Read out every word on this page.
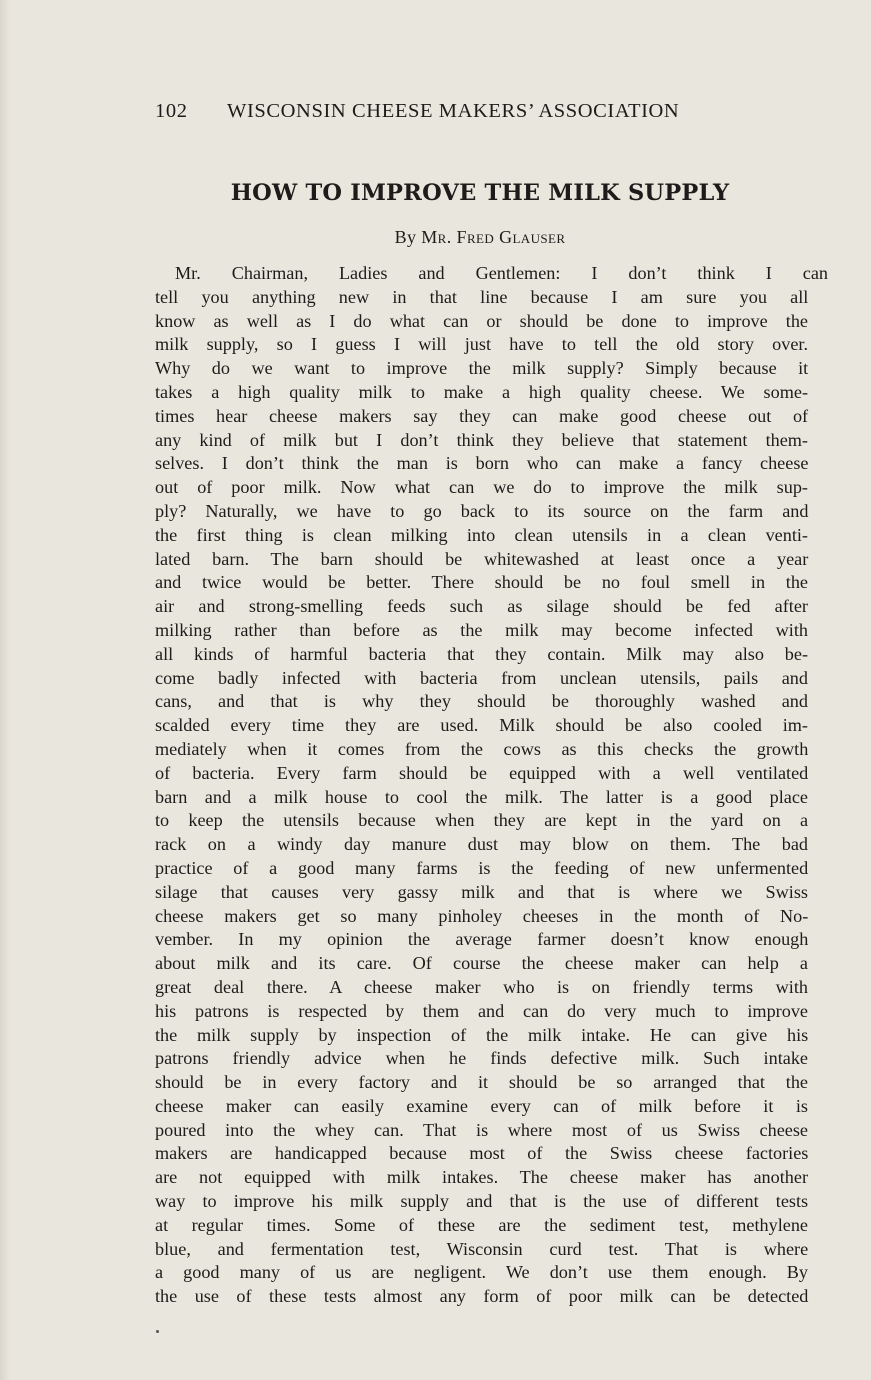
102	WISCONSIN CHEESE MAKERS’ ASSOCIATION
HOW TO IMPROVE THE MILK SUPPLY
By Mr. Fred Glauser
Mr. Chairman, Ladies and Gentlemen: I don’t think I can
tell you anything new in that line because I am sure you all
know as well as I do what can or should be done to improve the
milk supply, so I guess I will just have to tell the old story over.
Why do we want to improve the milk supply? Simply because it
takes a high quality milk to make a high quality cheese. We some-
times hear cheese makers say they can make good cheese out of
any kind of milk but I don’t think they believe that statement them-
selves. I don’t think the man is born who can make a fancy cheese
out of poor milk. Now what can we do to improve the milk sup-
ply? Naturally, we have to go back to its source on the farm and
the first thing is clean milking into clean utensils in a clean venti-
lated barn. The barn should be whitewashed at least once a year
and twice would be better. There should be no foul smell in the
air and strong-smelling feeds such as silage should be fed after
milking rather than before as the milk may become infected with
all kinds of harmful bacteria that they contain. Milk may also be-
come badly infected with bacteria from unclean utensils, pails and
cans, and that is why they should be thoroughly washed and
scalded every time they are used. Milk should be also cooled im-
mediately when it comes from the cows as this checks the growth
of bacteria. Every farm should be equipped with a well ventilated
barn and a milk house to cool the milk. The latter is a good place
to keep the utensils because when they are kept in the yard on a
rack on a windy day manure dust may blow on them. The bad
practice of a good many farms is the feeding of new unfermented
silage that causes very gassy milk and that is where we Swiss
cheese makers get so many pinholey cheeses in the month of No-
vember. In my opinion the average farmer doesn’t know enough
about milk and its care. Of course the cheese maker can help a
great deal there. A cheese maker who is on friendly terms with
his patrons is respected by them and can do very much to improve
the milk supply by inspection of the milk intake. He can give his
patrons friendly advice when he finds defective milk. Such intake
should be in every factory and it should be so arranged that the
cheese maker can easily examine every can of milk before it is
poured into the whey can. That is where most of us Swiss cheese
makers are handicapped because most of the Swiss cheese factories
are not equipped with milk intakes. The cheese maker has another
way to improve his milk supply and that is the use of different tests
at regular times. Some of these are the sediment test, methylene
blue, and fermentation test, Wisconsin curd test. That is where
a good many of us are negligent. We don’t use them enough. By
the use of these tests almost any form of poor milk can be detected
